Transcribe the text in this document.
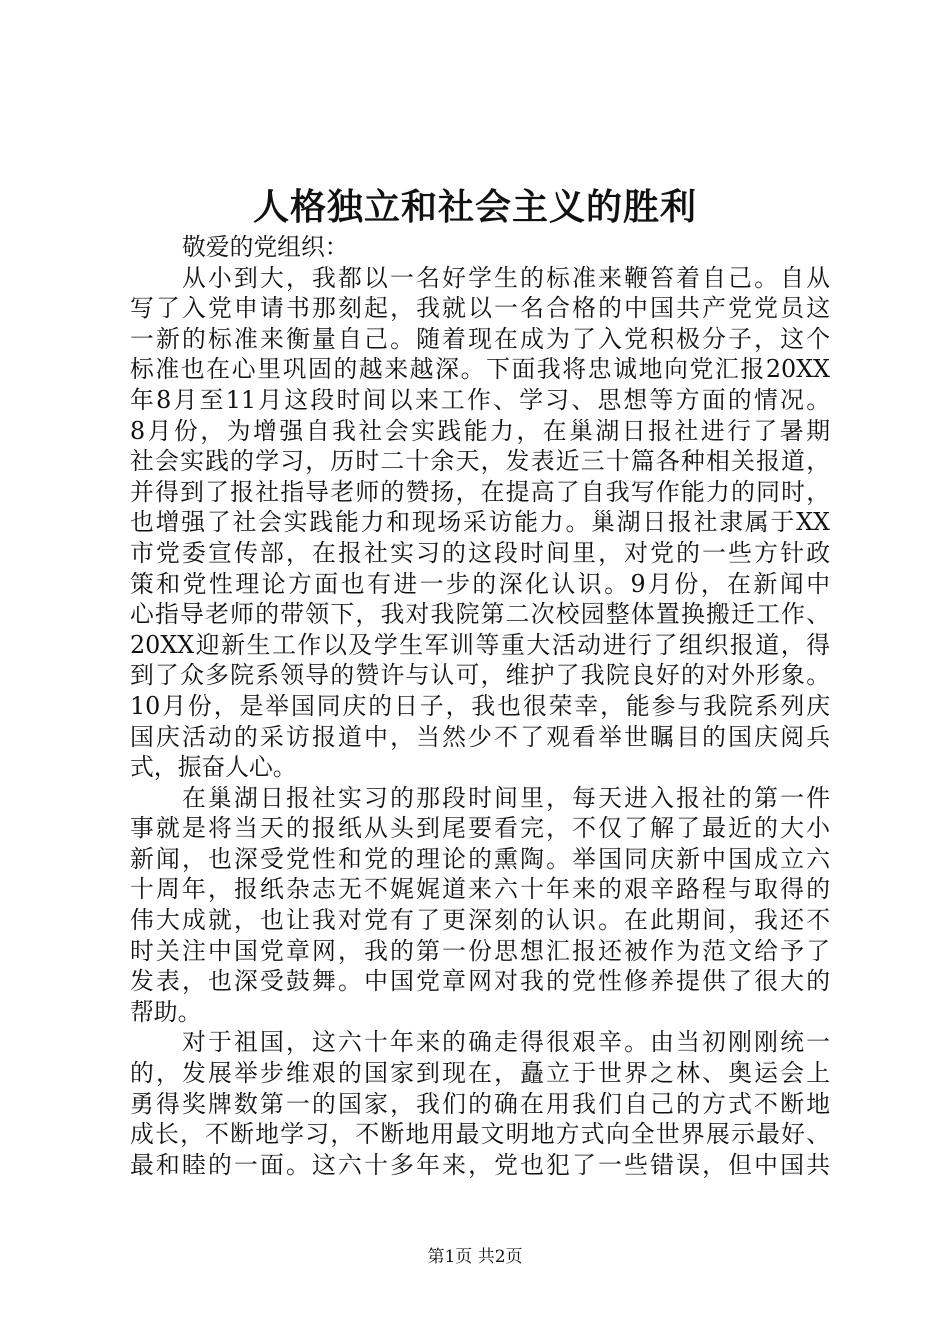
人格独立和社会主义的胜利
敬爱的党组织：
从小到大，我都以一名好学生的标准来鞭笞着自己。自从
写了入党申请书那刻起，我就以一名合格的中国共产党党员这
一新的标准来衡量自己。随着现在成为了入党积极分子，这个
标准也在心里巩固的越来越深。下面我将忠诚地向党汇报20XX
年8月至11月这段时间以来工作、学习、思想等方面的情况。
8月份，为增强自我社会实践能力，在巢湖日报社进行了暑期
社会实践的学习，历时二十余天，发表近三十篇各种相关报道，
并得到了报社指导老师的赞扬，在提高了自我写作能力的同时，
也增强了社会实践能力和现场采访能力。巢湖日报社隶属于XX
市党委宣传部，在报社实习的这段时间里，对党的一些方针政
策和党性理论方面也有进一步的深化认识。9月份，在新闻中
心指导老师的带领下，我对我院第二次校园整体置换搬迁工作、
20XX迎新生工作以及学生军训等重大活动进行了组织报道，得
到了众多院系领导的赞许与认可，维护了我院良好的对外形象。
10月份，是举国同庆的日子，我也很荣幸，能参与我院系列庆
国庆活动的采访报道中，当然少不了观看举世瞩目的国庆阅兵
式，振奋人心。
在巢湖日报社实习的那段时间里，每天进入报社的第一件
事就是将当天的报纸从头到尾要看完，不仅了解了最近的大小
新闻，也深受党性和党的理论的熏陶。举国同庆新中国成立六
十周年，报纸杂志无不娓娓道来六十年来的艰辛路程与取得的
伟大成就，也让我对党有了更深刻的认识。在此期间，我还不
时关注中国党章网，我的第一份思想汇报还被作为范文给予了
发表，也深受鼓舞。中国党章网对我的党性修养提供了很大的
帮助。
对于祖国，这六十年来的确走得很艰辛。由当初刚刚统一
的，发展举步维艰的国家到现在，矗立于世界之林、奥运会上
勇得奖牌数第一的国家，我们的确在用我们自己的方式不断地
成长，不断地学习，不断地用最文明地方式向全世界展示最好、
最和睦的一面。这六十多年来，党也犯了一些错误，但中国共
第1页 共2页
